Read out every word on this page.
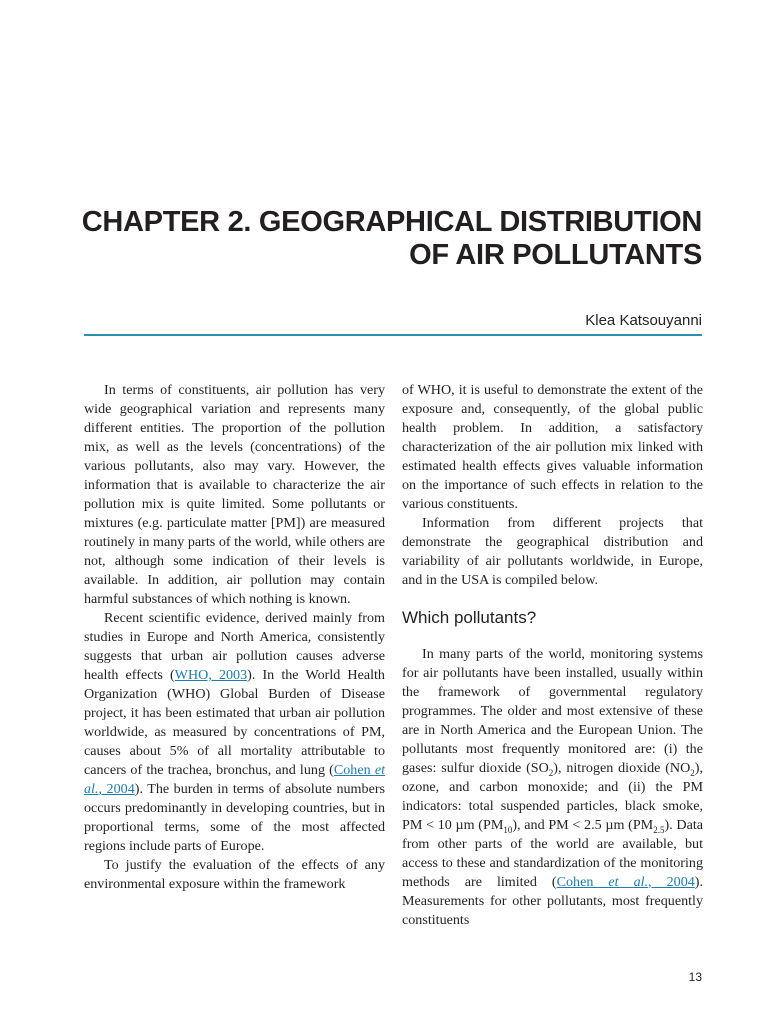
CHAPTER 2. GEOGRAPHICAL DISTRIBUTION
OF AIR POLLUTANTS
Klea Katsouyanni

In terms of constituents, air pollution has very wide geographical variation and represents many different entities. The proportion of the pollution mix, as well as the levels (concentrations) of the various pollutants, also may vary. However, the information that is available to characterize the air pollution mix is quite limited. Some pollutants or mixtures (e.g. particulate matter [PM]) are measured routinely in many parts of the world, while others are not, although some indication of their levels is available. In addition, air pollution may contain harmful substances of which nothing is known.

Recent scientific evidence, derived mainly from studies in Europe and North America, consistently suggests that urban air pollution causes adverse health effects (WHO, 2003). In the World Health Organization (WHO) Global Burden of Disease project, it has been estimated that urban air pollution worldwide, as measured by concentrations of PM, causes about 5% of all mortality attributable to cancers of the trachea, bronchus, and lung (Cohen et al., 2004). The burden in terms of absolute numbers occurs predominantly in developing countries, but in proportional terms, some of the most affected regions include parts of Europe.

To justify the evaluation of the effects of any environmental exposure within the framework

of WHO, it is useful to demonstrate the extent of the exposure and, consequently, of the global public health problem. In addition, a satisfactory characterization of the air pollution mix linked with estimated health effects gives valuable information on the importance of such effects in relation to the various constituents.

Information from different projects that demonstrate the geographical distribution and variability of air pollutants worldwide, in Europe, and in the USA is compiled below.

Which pollutants?

In many parts of the world, monitoring systems for air pollutants have been installed, usually within the framework of governmental regulatory programmes. The older and most extensive of these are in North America and the European Union. The pollutants most frequently monitored are: (i) the gases: sulfur dioxide $(SO_2)$, nitrogen dioxide $(NO_2)$, ozone, and carbon monoxide; and (ii) the PM indicators: total suspended particles, black smoke, PM < 10 µm $(PM_{10})$, and PM < 2.5 µm $(PM_{2.5})$. Data from other parts of the world are available, but access to these and standardization of the monitoring methods are limited (Cohen et al., 2004). Measurements for other pollutants, most frequently constituents

13
